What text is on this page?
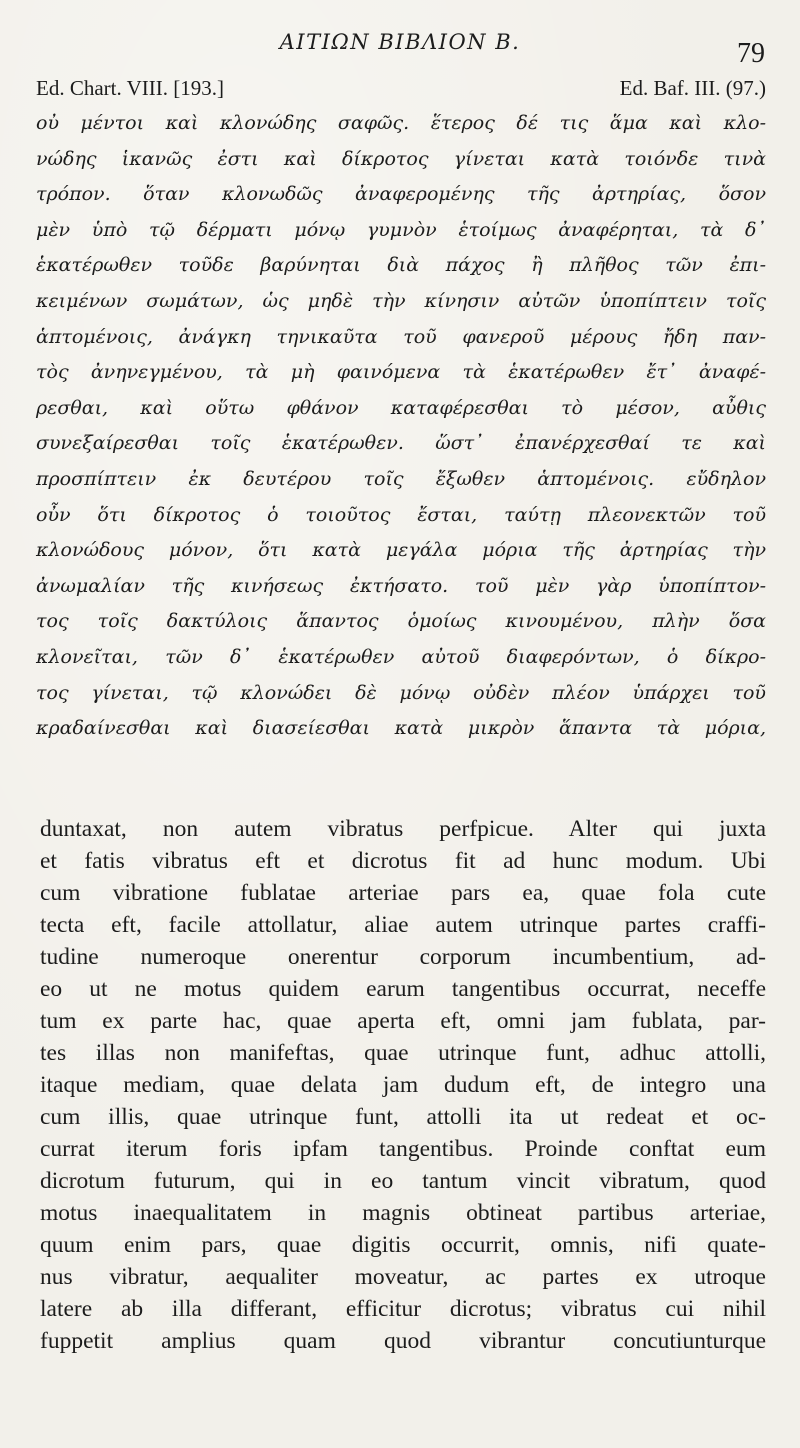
ΑΙΤΙΩΝ ΒΙΒΛΙΟΝ Β.	79
Ed. Chart. VIII. [193.]	Ed. Baf. III. (97.)
οὐ μέντοι καὶ κλονώδης σαφῶς. ἕτερος δέ τις ἅμα καὶ κλο-
νώδης ἱκανῶς ἐστι καὶ δίκροτος γίνεται κατὰ τοιόνδε τινὰ
τρόπον. ὅταν κλονωδῶς ἀναφερομένης τῆς ἀρτηρίας, ὅσον
μὲν ὑπὸ τῷ δέρματι μόνῳ γυμνὸν ἑτοίμως ἀναφέρηται, τὰ δ᾽
ἑκατέρωθεν τοῦδε βαρύνηται διὰ πάχος ἢ πλῆθος τῶν ἐπι-
κειμένων σωμάτων, ὡς μηδὲ τὴν κίνησιν αὐτῶν ὑποπίπτειν τοῖς
ἁπτομένοις, ἀνάγκη τηνικαῦτα τοῦ φανεροῦ μέρους ἤδη παν-
τὸς ἀνηνεγμένου, τὰ μὴ φαινόμενα τὰ ἑκατέρωθεν ἔτ᾽ ἀναφέ-
ρεσθαι, καὶ οὕτω φθάνον καταφέρεσθαι τὸ μέσον, αὖθις
συνεξαίρεσθαι τοῖς ἑκατέρωθεν. ὥστ᾽ ἐπανέρχεσθαί τε καὶ
προσπίπτειν ἐκ δευτέρου τοῖς ἔξωθεν ἁπτομένοις. εὔδηλον
οὖν ὅτι δίκροτος ὁ τοιοῦτος ἔσται, ταύτῃ πλεονεκτῶν τοῦ
κλονώδους μόνον, ὅτι κατὰ μεγάλα μόρια τῆς ἀρτηρίας τὴν
ἀνωμαλίαν τῆς κινήσεως ἐκτήσατο. τοῦ μὲν γὰρ ὑποπίπτον-
τος τοῖς δακτύλοις ἅπαντος ὁμοίως κινουμένου, πλὴν ὅσα
κλονεῖται, τῶν δ᾽ ἑκατέρωθεν αὐτοῦ διαφερόντων, ὁ δίκρο-
τος γίνεται, τῷ κλονώδει δὲ μόνῳ οὐδὲν πλέον ὑπάρχει τοῦ
κραδαίνεσθαι καὶ διασείεσθαι κατὰ μικρὸν ἅπαντα τὰ μόρια,
duntaxat, non autem vibratus perfpicue. Alter qui juxta
et fatis vibratus eft et dicrotus fit ad hunc modum. Ubi
cum vibratione fublatae arteriae pars ea, quae fola cute
tecta eft, facile attollatur, aliae autem utrinque partes craffi-
tudine numeroque onerentur corporum incumbentium, ad-
eo ut ne motus quidem earum tangentibus occurrat, neceffe
tum ex parte hac, quae aperta eft, omni jam fublata, par-
tes illas non manifeftas, quae utrinque funt, adhuc attolli,
itaque mediam, quae delata jam dudum eft, de integro una
cum illis, quae utrinque funt, attolli ita ut redeat et oc-
currat iterum foris ipfam tangentibus. Proinde conftat eum
dicrotum futurum, qui in eo tantum vincit vibratum, quod
motus inaequalitatem in magnis obtineat partibus arteriae,
quum enim pars, quae digitis occurrit, omnis, nifi quate-
nus vibratur, aequaliter moveatur, ac partes ex utroque
latere ab illa differant, efficitur dicrotus; vibratus cui nihil
fuppetit amplius quam quod vibrantur concutiunturque
